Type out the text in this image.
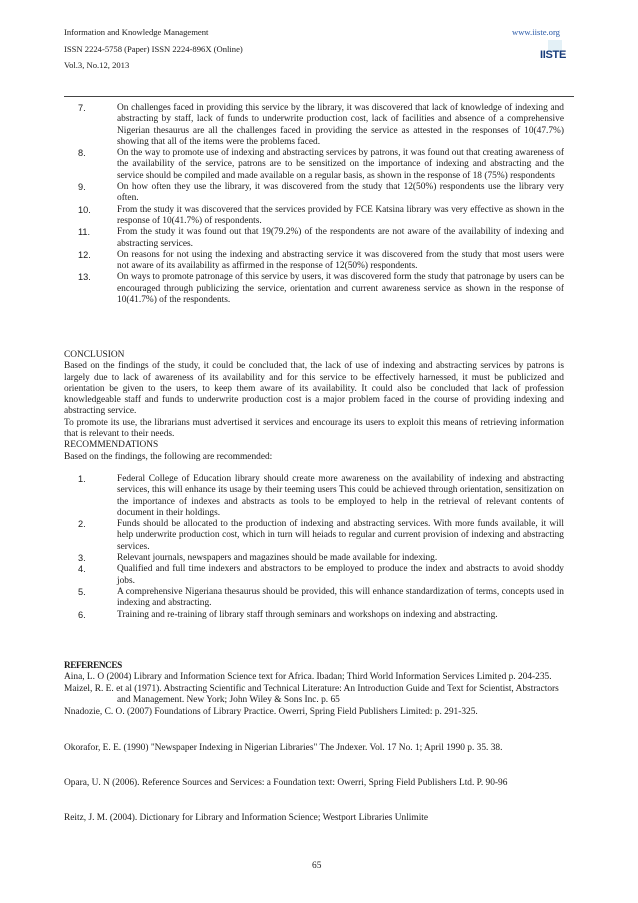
Information and Knowledge Management
ISSN 2224-5758 (Paper) ISSN 2224-896X (Online)
Vol.3, No.12, 2013
www.iiste.org
IISTE
7.	On challenges faced in providing this service by the library, it was discovered that lack of knowledge of indexing and abstracting by staff, lack of funds to underwrite production cost, lack of facilities and absence of a comprehensive Nigerian thesaurus are all the challenges faced in providing the service as attested in the responses of 10(47.7%) showing that all of the items were the problems faced.
8.	On the way to promote use of indexing and abstracting services by patrons, it was found out that creating awareness of the availability of the service, patrons are to be sensitized on the importance of indexing and abstracting and the service should be compiled and made available on a regular basis, as shown in the response of 18 (75%) respondents
9.	On how often they use the library, it was discovered from the study that 12(50%) respondents use the library very often.
10.	From the study it was discovered that the services provided by FCE Katsina library was very effective as shown in the response of 10(41.7%) of respondents.
11.	From the study it was found out that 19(79.2%) of the respondents are not aware of the availability of indexing and abstracting services.
12.	On reasons for not using the indexing and abstracting service it was discovered from the study that most users were not aware of its availability as affirmed in the response of 12(50%) respondents.
13.	On ways to promote patronage of this service by users, it was discovered form the study that patronage by users can be encouraged through publicizing the service, orientation and current awareness service as shown in the response of 10(41.7%) of the respondents.

CONCLUSION

Based on the findings of the study, it could be concluded that, the lack of use of indexing and abstracting services by patrons is largely due to lack of awareness of its availability and for this service to be effectively harnessed, it must be publicized and orientation be given to the users, to keep them aware of its availability. It could also be concluded that lack of profession knowledgeable staff and funds to underwrite production cost is a major problem faced in the course of providing indexing and abstracting service.

To promote its use, the librarians must advertised it services and encourage its users to exploit this means of retrieving information that is relevant to their needs.

RECOMMENDATIONS

Based on the findings, the following are recommended:

1.	Federal College of Education library should create more awareness on the availability of indexing and abstracting services, this will enhance its usage by their teeming users This could be achieved through orientation, sensitization on the importance of indexes and abstracts as tools to be employed to help in the retrieval of relevant contents of document in their holdings.
2.	Funds should be allocated to the production of indexing and abstracting services. With more funds available, it will help underwrite production cost, which in turn will heiads to regular and current provision of indexing and abstracting services.
3.	Relevant journals, newspapers and magazines should be made available for indexing.
4.	Qualified and full time indexers and abstractors to be employed to produce the index and abstracts to avoid shoddy jobs.
5.	A comprehensive Nigeriana thesaurus should be provided, this will enhance standardization of terms, concepts used in indexing and abstracting.
6.	Training and re-training of library staff through seminars and workshops on indexing and abstracting.

REFERENCES

Aina, L. O (2004) Library and Information Science text for Africa. Ibadan; Third World Information Services Limited p. 204-235.

Maizel, R. E. et al (1971). Abstracting Scientific and Technical Literature: An Introduction Guide and Text for Scientist, Abstractors and Management. New York; John Wiley & Sons Inc. p. 65

Nnadozie, C. O. (2007) Foundations of Library Practice. Owerri, Spring Field Publishers Limited: p. 291-325.

Okorafor, E. E. (1990) "Newspaper Indexing in Nigerian Libraries" The Jndexer. Vol. 17 No. 1; April 1990 p. 35. 38.

Opara, U. N (2006). Reference Sources and Services: a Foundation text: Owerri, Spring Field Publishers Ltd. P. 90-96

Reitz, J. M. (2004). Dictionary for Library and Information Science; Westport Libraries Unlimite

65
